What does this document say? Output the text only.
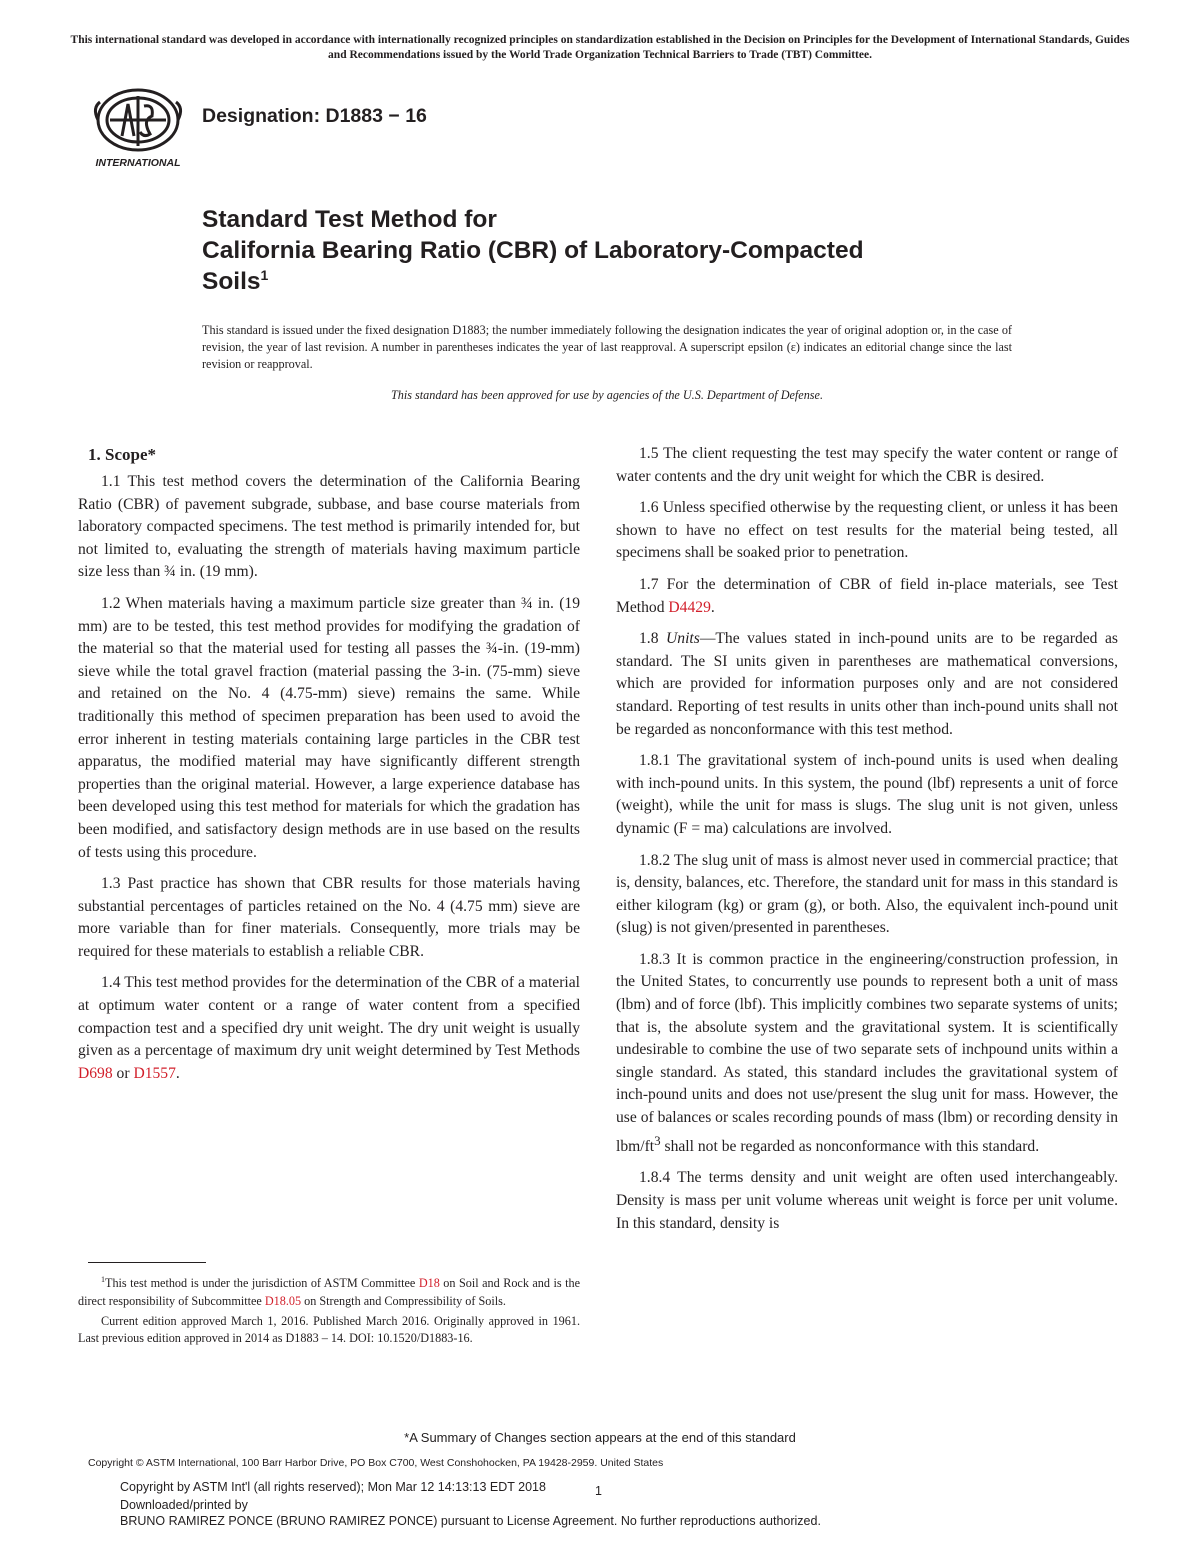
This international standard was developed in accordance with internationally recognized principles on standardization established in the Decision on Principles for the Development of International Standards, Guides and Recommendations issued by the World Trade Organization Technical Barriers to Trade (TBT) Committee.
INTERNATIONAL
Designation: D1883 − 16
Standard Test Method for
California Bearing Ratio (CBR) of Laboratory-Compacted
Soils$^1$
This standard is issued under the fixed designation D1883; the number immediately following the designation indicates the year of original adoption or, in the case of revision, the year of last revision. A number in parentheses indicates the year of last reapproval. A superscript epsilon (ε) indicates an editorial change since the last revision or reapproval.
This standard has been approved for use by agencies of the U.S. Department of Defense.
1. Scope*

1.1 This test method covers the determination of the California Bearing Ratio (CBR) of pavement subgrade, subbase, and base course materials from laboratory compacted specimens. The test method is primarily intended for, but not limited to, evaluating the strength of materials having maximum particle size less than ¾ in. (19 mm).

1.2 When materials having a maximum particle size greater than ¾ in. (19 mm) are to be tested, this test method provides for modifying the gradation of the material so that the material used for testing all passes the ¾-in. (19-mm) sieve while the total gravel fraction (material passing the 3-in. (75-mm) sieve and retained on the No. 4 (4.75-mm) sieve) remains the same. While traditionally this method of specimen preparation has been used to avoid the error inherent in testing materials containing large particles in the CBR test apparatus, the modified material may have significantly different strength properties than the original material. However, a large experience database has been developed using this test method for materials for which the gradation has been modified, and satisfactory design methods are in use based on the results of tests using this procedure.

1.3 Past practice has shown that CBR results for those materials having substantial percentages of particles retained on the No. 4 (4.75 mm) sieve are more variable than for finer materials. Consequently, more trials may be required for these materials to establish a reliable CBR.

1.4 This test method provides for the determination of the CBR of a material at optimum water content or a range of water content from a specified compaction test and a specified dry unit weight. The dry unit weight is usually given as a percentage of maximum dry unit weight determined by Test Methods D698 or D1557.

$^1$This test method is under the jurisdiction of ASTM Committee D18 on Soil and Rock and is the direct responsibility of Subcommittee D18.05 on Strength and Compressibility of Soils.

Current edition approved March 1, 2016. Published March 2016. Originally approved in 1961. Last previous edition approved in 2014 as D1883 – 14. DOI: 10.1520/D1883-16.

1.5 The client requesting the test may specify the water content or range of water contents and the dry unit weight for which the CBR is desired.

1.6 Unless specified otherwise by the requesting client, or unless it has been shown to have no effect on test results for the material being tested, all specimens shall be soaked prior to penetration.

1.7 For the determination of CBR of field in-place materials, see Test Method D4429.

1.8 Units—The values stated in inch-pound units are to be regarded as standard. The SI units given in parentheses are mathematical conversions, which are provided for information purposes only and are not considered standard. Reporting of test results in units other than inch-pound units shall not be regarded as nonconformance with this test method.

1.8.1 The gravitational system of inch-pound units is used when dealing with inch-pound units. In this system, the pound (lbf) represents a unit of force (weight), while the unit for mass is slugs. The slug unit is not given, unless dynamic (F = ma) calculations are involved.

1.8.2 The slug unit of mass is almost never used in commercial practice; that is, density, balances, etc. Therefore, the standard unit for mass in this standard is either kilogram (kg) or gram (g), or both. Also, the equivalent inch-pound unit (slug) is not given/presented in parentheses.

1.8.3 It is common practice in the engineering/construction profession, in the United States, to concurrently use pounds to represent both a unit of mass (lbm) and of force (lbf). This implicitly combines two separate systems of units; that is, the absolute system and the gravitational system. It is scientifically undesirable to combine the use of two separate sets of inchpound units within a single standard. As stated, this standard includes the gravitational system of inch-pound units and does not use/present the slug unit for mass. However, the use of balances or scales recording pounds of mass (lbm) or recording density in lbm/$ft^3$ shall not be regarded as nonconformance with this standard.

1.8.4 The terms density and unit weight are often used interchangeably. Density is mass per unit volume whereas unit weight is force per unit volume. In this standard, density is

*A Summary of Changes section appears at the end of this standard
Copyright © ASTM International, 100 Barr Harbor Drive, PO Box C700, West Conshohocken, PA 19428-2959. United States
Copyright by ASTM Int'l (all rights reserved); Mon Mar 12 14:13:13 EDT 2018
Downloaded/printed by
1
BRUNO RAMIREZ PONCE (BRUNO RAMIREZ PONCE) pursuant to License Agreement. No further reproductions authorized.
